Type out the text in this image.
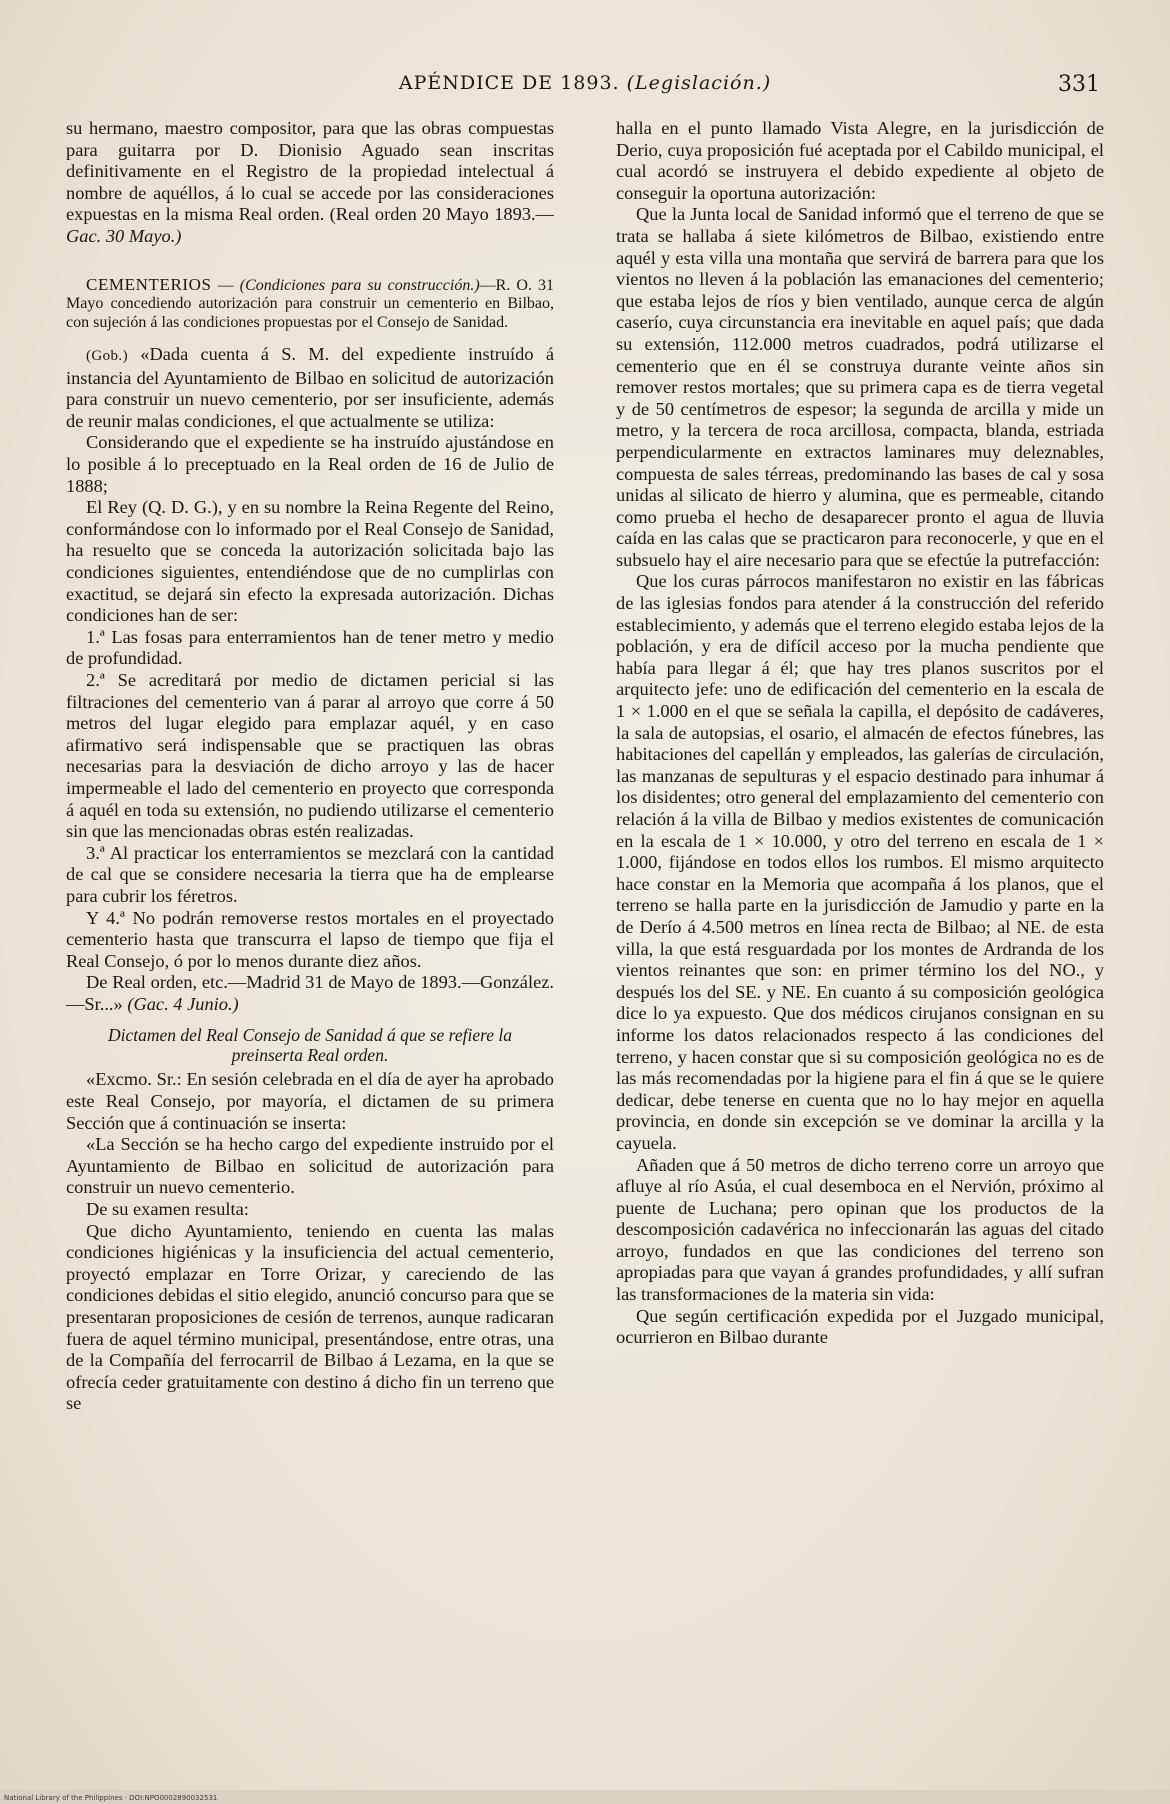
APÉNDICE DE 1893. (Legislación.)	331

su hermano, maestro compositor, para que las obras compuestas para guitarra por D. Dionisio Aguado sean inscritas definitivamente en el Registro de la propiedad intelectual á nombre de aquéllos, á lo cual se accede por las consideraciones expuestas en la misma Real orden. (Real orden 20 Mayo 1893.—Gac. 30 Mayo.)

CEMENTERIOS — (Condiciones para su construcción.)—R. O. 31 Mayo concediendo autorización para construir un cementerio en Bilbao, con sujeción á las condiciones propuestas por el Consejo de Sanidad.

(Gob.) «Dada cuenta á S. M. del expediente instruído á instancia del Ayuntamiento de Bilbao en solicitud de autorización para construir un nuevo cementerio, por ser insuficiente, además de reunir malas condiciones, el que actualmente se utiliza:

Considerando que el expediente se ha instruído ajustándose en lo posible á lo preceptuado en la Real orden de 16 de Julio de 1888;

El Rey (Q. D. G.), y en su nombre la Reina Regente del Reino, conformándose con lo informado por el Real Consejo de Sanidad, ha resuelto que se conceda la autorización solicitada bajo las condiciones siguientes, entendiéndose que de no cumplirlas con exactitud, se dejará sin efecto la expresada autorización. Dichas condiciones han de ser:

1.ª Las fosas para enterramientos han de tener metro y medio de profundidad.

2.ª Se acreditará por medio de dictamen pericial si las filtraciones del cementerio van á parar al arroyo que corre á 50 metros del lugar elegido para emplazar aquél, y en caso afirmativo será indispensable que se practiquen las obras necesarias para la desviación de dicho arroyo y las de hacer impermeable el lado del cementerio en proyecto que corresponda á aquél en toda su extensión, no pudiendo utilizarse el cementerio sin que las mencionadas obras estén realizadas.

3.ª Al practicar los enterramientos se mezclará con la cantidad de cal que se considere necesaria la tierra que ha de emplearse para cubrir los féretros.

Y 4.ª No podrán removerse restos mortales en el proyectado cementerio hasta que transcurra el lapso de tiempo que fija el Real Consejo, ó por lo menos durante diez años.

De Real orden, etc.—Madrid 31 de Mayo de 1893.—González.—Sr...» (Gac. 4 Junio.)

Dictamen del Real Consejo de Sanidad á que se refiere la preinserta Real orden.

«Excmo. Sr.: En sesión celebrada en el día de ayer ha aprobado este Real Consejo, por mayoría, el dictamen de su primera Sección que á continuación se inserta:

«La Sección se ha hecho cargo del expediente instruido por el Ayuntamiento de Bilbao en solicitud de autorización para construir un nuevo cementerio.

De su examen resulta:

Que dicho Ayuntamiento, teniendo en cuenta las malas condiciones higiénicas y la insuficiencia del actual cementerio, proyectó emplazar en Torre Orizar, y careciendo de las condiciones debidas el sitio elegido, anunció concurso para que se presentaran proposiciones de cesión de terrenos, aunque radicaran fuera de aquel término municipal, presentándose, entre otras, una de la Compañía del ferrocarril de Bilbao á Lezama, en la que se ofrecía ceder gratuitamente con destino á dicho fin un terreno que se

halla en el punto llamado Vista Alegre, en la jurisdicción de Derio, cuya proposición fué aceptada por el Cabildo municipal, el cual acordó se instruyera el debido expediente al objeto de conseguir la oportuna autorización:

Que la Junta local de Sanidad informó que el terreno de que se trata se hallaba á siete kilómetros de Bilbao, existiendo entre aquél y esta villa una montaña que servirá de barrera para que los vientos no lleven á la población las emanaciones del cementerio; que estaba lejos de ríos y bien ventilado, aunque cerca de algún caserío, cuya circunstancia era inevitable en aquel país; que dada su extensión, 112.000 metros cuadrados, podrá utilizarse el cementerio que en él se construya durante veinte años sin remover restos mortales; que su primera capa es de tierra vegetal y de 50 centímetros de espesor; la segunda de arcilla y mide un metro, y la tercera de roca arcillosa, compacta, blanda, estriada perpendicularmente en extractos laminares muy deleznables, compuesta de sales térreas, predominando las bases de cal y sosa unidas al silicato de hierro y alumina, que es permeable, citando como prueba el hecho de desaparecer pronto el agua de lluvia caída en las calas que se practicaron para reconocerle, y que en el subsuelo hay el aire necesario para que se efectúe la putrefacción:

Que los curas párrocos manifestaron no existir en las fábricas de las iglesias fondos para atender á la construcción del referido establecimiento, y además que el terreno elegido estaba lejos de la población, y era de difícil acceso por la mucha pendiente que había para llegar á él; que hay tres planos suscritos por el arquitecto jefe: uno de edificación del cementerio en la escala de 1 × 1.000 en el que se señala la capilla, el depósito de cadáveres, la sala de autopsias, el osario, el almacén de efectos fúnebres, las habitaciones del capellán y empleados, las galerías de circulación, las manzanas de sepulturas y el espacio destinado para inhumar á los disidentes; otro general del emplazamiento del cementerio con relación á la villa de Bilbao y medios existentes de comunicación en la escala de 1 × 10.000, y otro del terreno en escala de 1 × 1.000, fijándose en todos ellos los rumbos. El mismo arquitecto hace constar en la Memoria que acompaña á los planos, que el terreno se halla parte en la jurisdicción de Jamudio y parte en la de Derío á 4.500 metros en línea recta de Bilbao; al NE. de esta villa, la que está resguardada por los montes de Ardranda de los vientos reinantes que son: en primer término los del NO., y después los del SE. y NE. En cuanto á su composición geológica dice lo ya expuesto. Que dos médicos cirujanos consignan en su informe los datos relacionados respecto á las condiciones del terreno, y hacen constar que si su composición geológica no es de las más recomendadas por la higiene para el fin á que se le quiere dedicar, debe tenerse en cuenta que no lo hay mejor en aquella provincia, en donde sin excepción se ve dominar la arcilla y la cayuela.

Añaden que á 50 metros de dicho terreno corre un arroyo que afluye al río Asúa, el cual desemboca en el Nervión, próximo al puente de Luchana; pero opinan que los productos de la descomposición cadavérica no infeccionarán las aguas del citado arroyo, fundados en que las condiciones del terreno son apropiadas para que vayan á grandes profundidades, y allí sufran las transformaciones de la materia sin vida:

Que según certificación expedida por el Juzgado municipal, ocurrieron en Bilbao durante

National Library of the Philippines · DOI:NPO0002890032531
